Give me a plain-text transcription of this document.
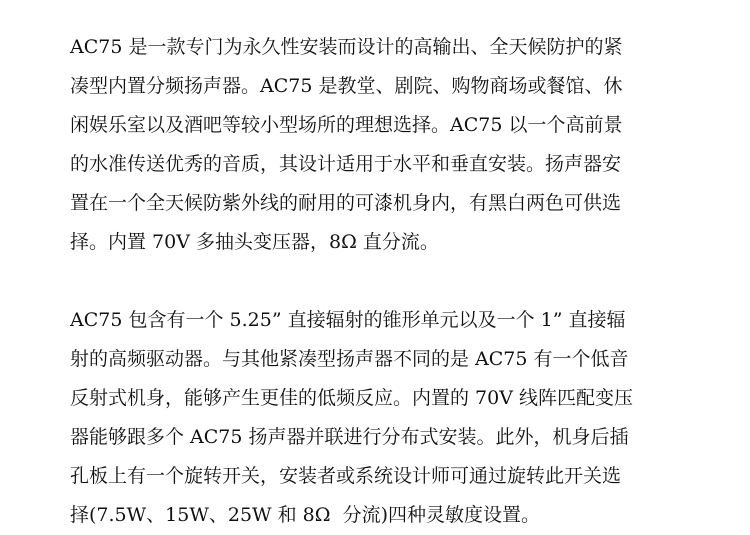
AC75 是一款专门为永久性安装而设计的高输出、全天候防护的紧
凑型内置分频扬声器。AC75 是教堂、剧院、购物商场或餐馆、休
闲娱乐室以及酒吧等较小型场所的理想选择。AC75 以一个高前景
的水准传送优秀的音质，其设计适用于水平和垂直安装。扬声器安
置在一个全天候防紫外线的耐用的可漆机身内，有黑白两色可供选
择。内置 70V 多抽头变压器，8Ω 直分流。
AC75 包含有一个 5.25” 直接辐射的锥形单元以及一个 1” 直接辐
射的高频驱动器。与其他紧凑型扬声器不同的是 AC75 有一个低音
反射式机身，能够产生更佳的低频反应。内置的 70V 线阵匹配变压
器能够跟多个 AC75 扬声器并联进行分布式安装。此外，机身后插
孔板上有一个旋转开关，安装者或系统设计师可通过旋转此开关选
择(7.5W、15W、25W 和 8Ω  分流)四种灵敏度设置。
